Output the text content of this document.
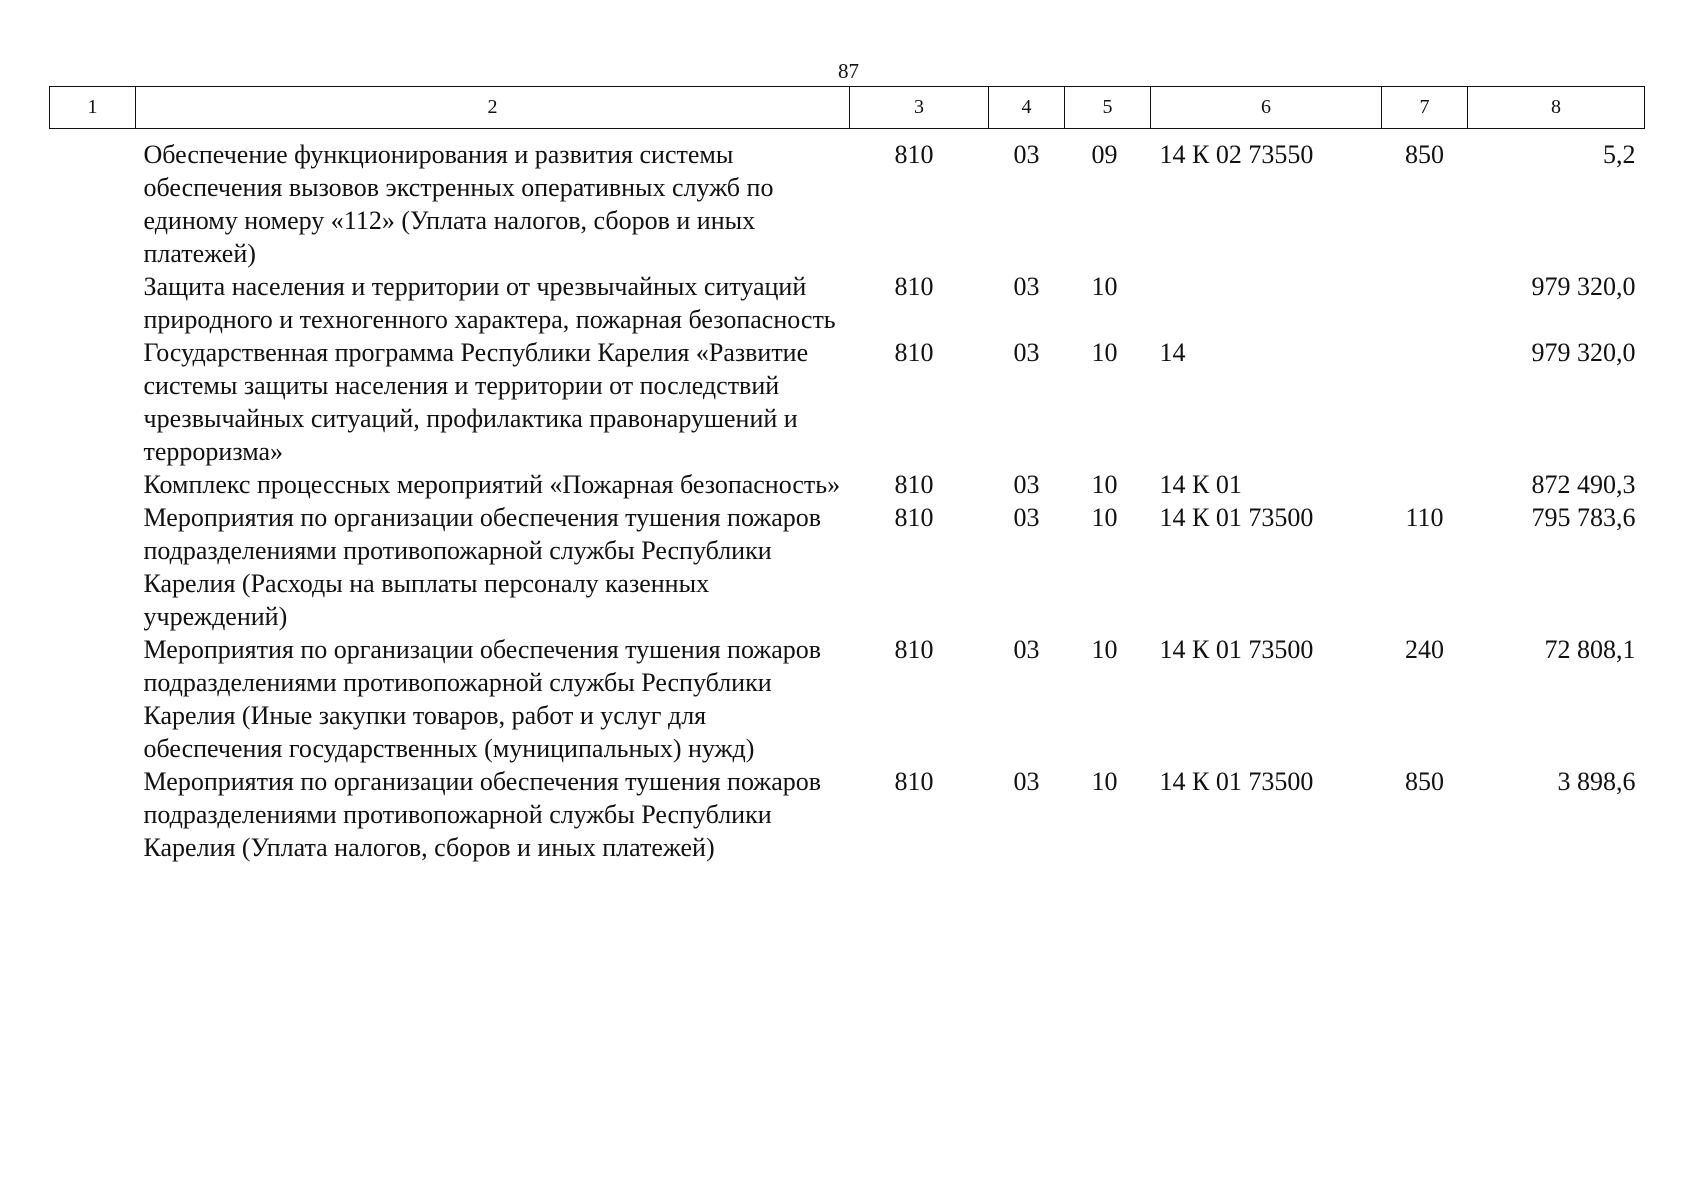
87
1	2	3	4	5	6	7	8
	Обеспечение функционирования и развития системы обеспечения вызовов экстренных оперативных служб по единому номеру «112» (Уплата налогов, сборов и иных платежей)	810	03	09	14 К 02 73550	850	5,2
	Защита населения и территории от чрезвычайных ситуаций природного и техногенного характера, пожарная безопасность	810	03	10			979 320,0
	Государственная программа Республики Карелия «Развитие системы защиты населения и территории от последствий чрезвычайных ситуаций, профилактика правонарушений и терроризма»	810	03	10	14		979 320,0
	Комплекс процессных мероприятий «Пожарная безопасность»	810	03	10	14 К 01		872 490,3
	Мероприятия по организации обеспечения тушения пожаров подразделениями противопожарной службы Республики Карелия (Расходы на выплаты персоналу казенных учреждений)	810	03	10	14 К 01 73500	110	795 783,6
	Мероприятия по организации обеспечения тушения пожаров подразделениями противопожарной службы Республики Карелия (Иные закупки товаров, работ и услуг для обеспечения государственных (муниципальных) нужд)	810	03	10	14 К 01 73500	240	72 808,1
	Мероприятия по организации обеспечения тушения пожаров подразделениями противопожарной службы Республики Карелия (Уплата налогов, сборов и иных платежей)	810	03	10	14 К 01 73500	850	3 898,6
